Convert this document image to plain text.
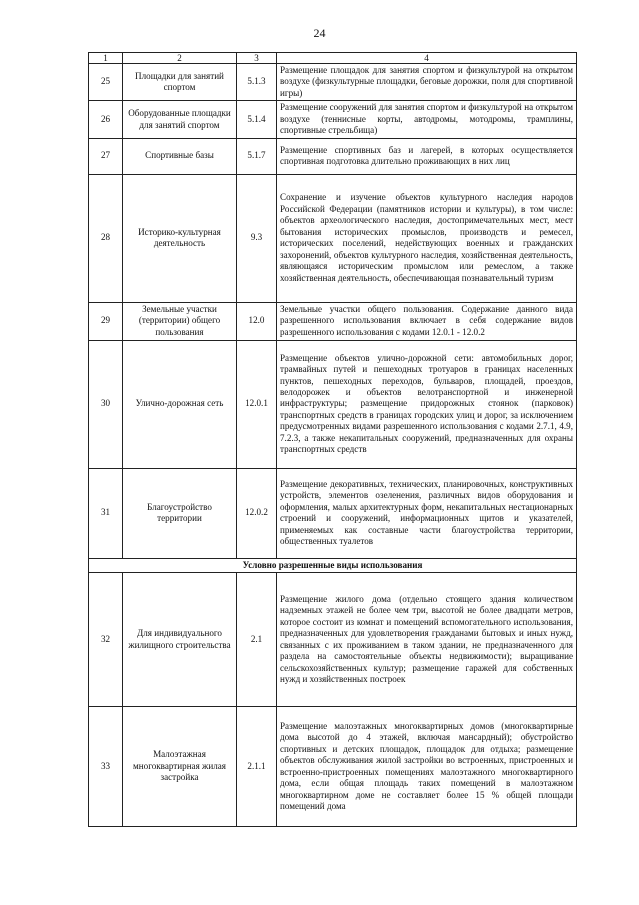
24
1	2	3	4
25	Площадки для занятий спортом	5.1.3	Размещение площадок для занятия спортом и физкультурой на открытом воздухе (физкультурные площадки, беговые дорожки, поля для спортивной игры)
26	Оборудованные площадки для занятий спортом	5.1.4	Размещение сооружений для занятия спортом и физкультурой на открытом воздухе (теннисные корты, автодромы, мотодромы, трамплины, спортивные стрельбища)
27	Спортивные базы	5.1.7	Размещение спортивных баз и лагерей, в которых осуществляется спортивная подготовка длительно проживающих в них лиц
28	Историко-культурная деятельность	9.3	Сохранение и изучение объектов культурного наследия народов Российской Федерации (памятников истории и культуры), в том числе: объектов археологического наследия, достопримечательных мест, мест бытования исторических промыслов, производств и ремесел, исторических поселений, недействующих военных и гражданских захоронений, объектов культурного наследия, хозяйственная деятельность, являющаяся историческим промыслом или ремеслом, а также хозяйственная деятельность, обеспечивающая познавательный туризм
29	Земельные участки (территории) общего пользования	12.0	Земельные участки общего пользования. Содержание данного вида разрешенного использования включает в себя содержание видов разрешенного использования с кодами 12.0.1 - 12.0.2
30	Улично-дорожная сеть	12.0.1	Размещение объектов улично-дорожной сети: автомобильных дорог, трамвайных путей и пешеходных тротуаров в границах населенных пунктов, пешеходных переходов, бульваров, площадей, проездов, велодорожек и объектов велотранспортной и инженерной инфраструктуры; размещение придорожных стоянок (парковок) транспортных средств в границах городских улиц и дорог, за исключением предусмотренных видами разрешенного использования с кодами 2.7.1, 4.9, 7.2.3, а также некапитальных сооружений, предназначенных для охраны транспортных средств
31	Благоустройство территории	12.0.2	Размещение декоративных, технических, планировочных, конструктивных устройств, элементов озеленения, различных видов оборудования и оформления, малых архитектурных форм, некапитальных нестационарных строений и сооружений, информационных щитов и указателей, применяемых как составные части благоустройства территории, общественных туалетов
Условно разрешенные виды использования			
32	Для индивидуального жилищного строительства	2.1	Размещение жилого дома (отдельно стоящего здания количеством надземных этажей не более чем три, высотой не более двадцати метров, которое состоит из комнат и помещений вспомогательного использования, предназначенных для удовлетворения гражданами бытовых и иных нужд, связанных с их проживанием в таком здании, не предназначенного для раздела на самостоятельные объекты недвижимости); выращивание сельскохозяйственных культур; размещение гаражей для собственных нужд и хозяйственных построек
33	Малоэтажная многоквартирная жилая застройка	2.1.1	Размещение малоэтажных многоквартирных домов (многоквартирные дома высотой до 4 этажей, включая мансардный); обустройство спортивных и детских площадок, площадок для отдыха; размещение объектов обслуживания жилой застройки во встроенных, пристроенных и встроенно-пристроенных помещениях малоэтажного многоквартирного дома, если общая площадь таких помещений в малоэтажном многоквартирном доме не составляет более 15 % общей площади помещений дома
